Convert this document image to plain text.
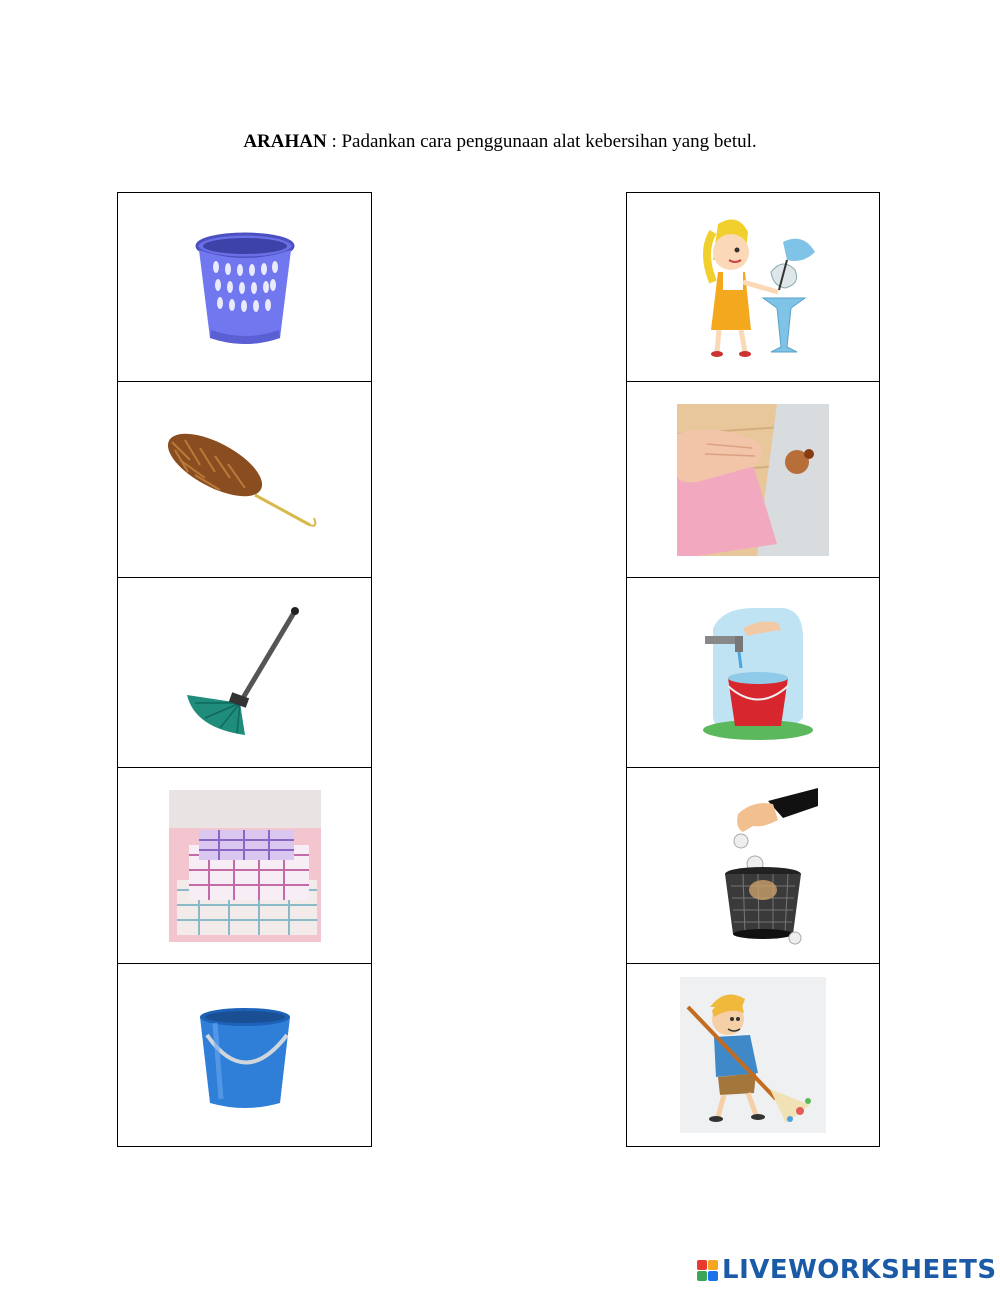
ARAHAN : Padankan cara penggunaan alat kebersihan yang betul.
LIVEWORKSHEETS
